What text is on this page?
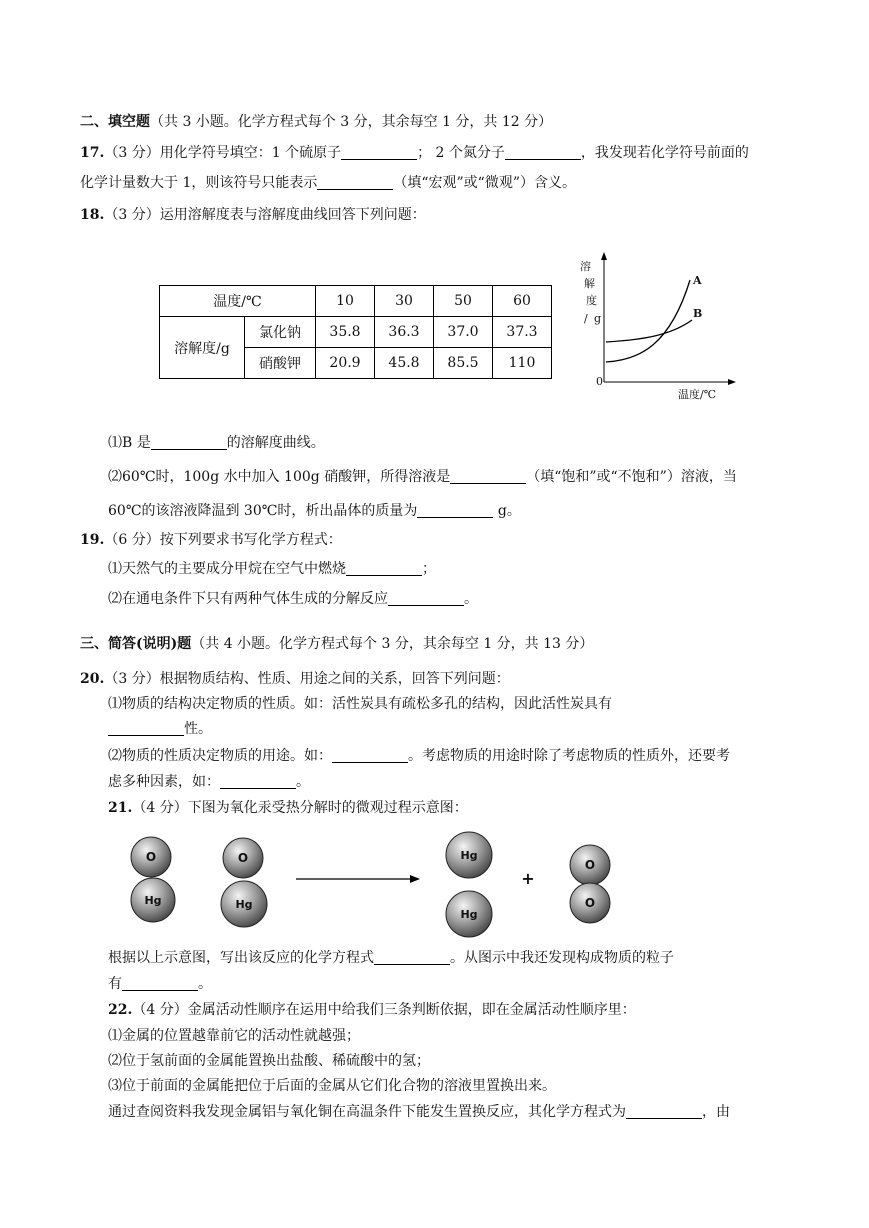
二、填空题（共 3 小题。化学方程式每个 3 分，其余每空 1 分，共 12 分）
17.（3 分）用化学符号填空：1 个硫原子	； 2 个氮分子	，我发现若化学符号前面的
化学计量数大于 1，则该符号只能表示	（填“宏观”或“微观”）含义。
18.（3 分）运用溶解度表与溶解度曲线回答下列问题：
温度/℃		10	30	50	60
溶解度/g	氯化钠	35.8	36.3	37.0	37.3
	硝酸钾	20.9	45.8	85.5	110
溶
解
度
/ g
0
温度/℃
A
B
⑴B 是	的溶解度曲线。
⑵60℃时，100g 水中加入 100g 硝酸钾，所得溶液是	（填“饱和”或“不饱和”）溶液，当
60℃的该溶液降温到 30℃时，析出晶体的质量为	g。
19.（6 分）按下列要求书写化学方程式：
⑴天然气的主要成分甲烷在空气中燃烧	；
⑵在通电条件下只有两种气体生成的分解反应	。
三、简答(说明)题（共 4 小题。化学方程式每个 3 分，其余每空 1 分，共 13 分）
20.（3 分）根据物质结构、性质、用途之间的关系，回答下列问题：
⑴物质的结构决定物质的性质。如：活性炭具有疏松多孔的结构，因此活性炭具有
性。
⑵物质的性质决定物质的用途。如：	。考虑物质的用途时除了考虑物质的性质外，还要考
虑多种因素，如：	。
21.（4 分）下图为氧化汞受热分解时的微观过程示意图：
O
Hg
O
Hg
Hg
Hg
+
O
O
根据以上示意图，写出该反应的化学方程式	。从图示中我还发现构成物质的粒子
有	。
22.（4 分）金属活动性顺序在运用中给我们三条判断依据，即在金属活动性顺序里：
⑴金属的位置越靠前它的活动性就越强；
⑵位于氢前面的金属能置换出盐酸、稀硫酸中的氢；
⑶位于前面的金属能把位于后面的金属从它们化合物的溶液里置换出来。
通过查阅资料我发现金属铝与氧化铜在高温条件下能发生置换反应，其化学方程式为	，由
